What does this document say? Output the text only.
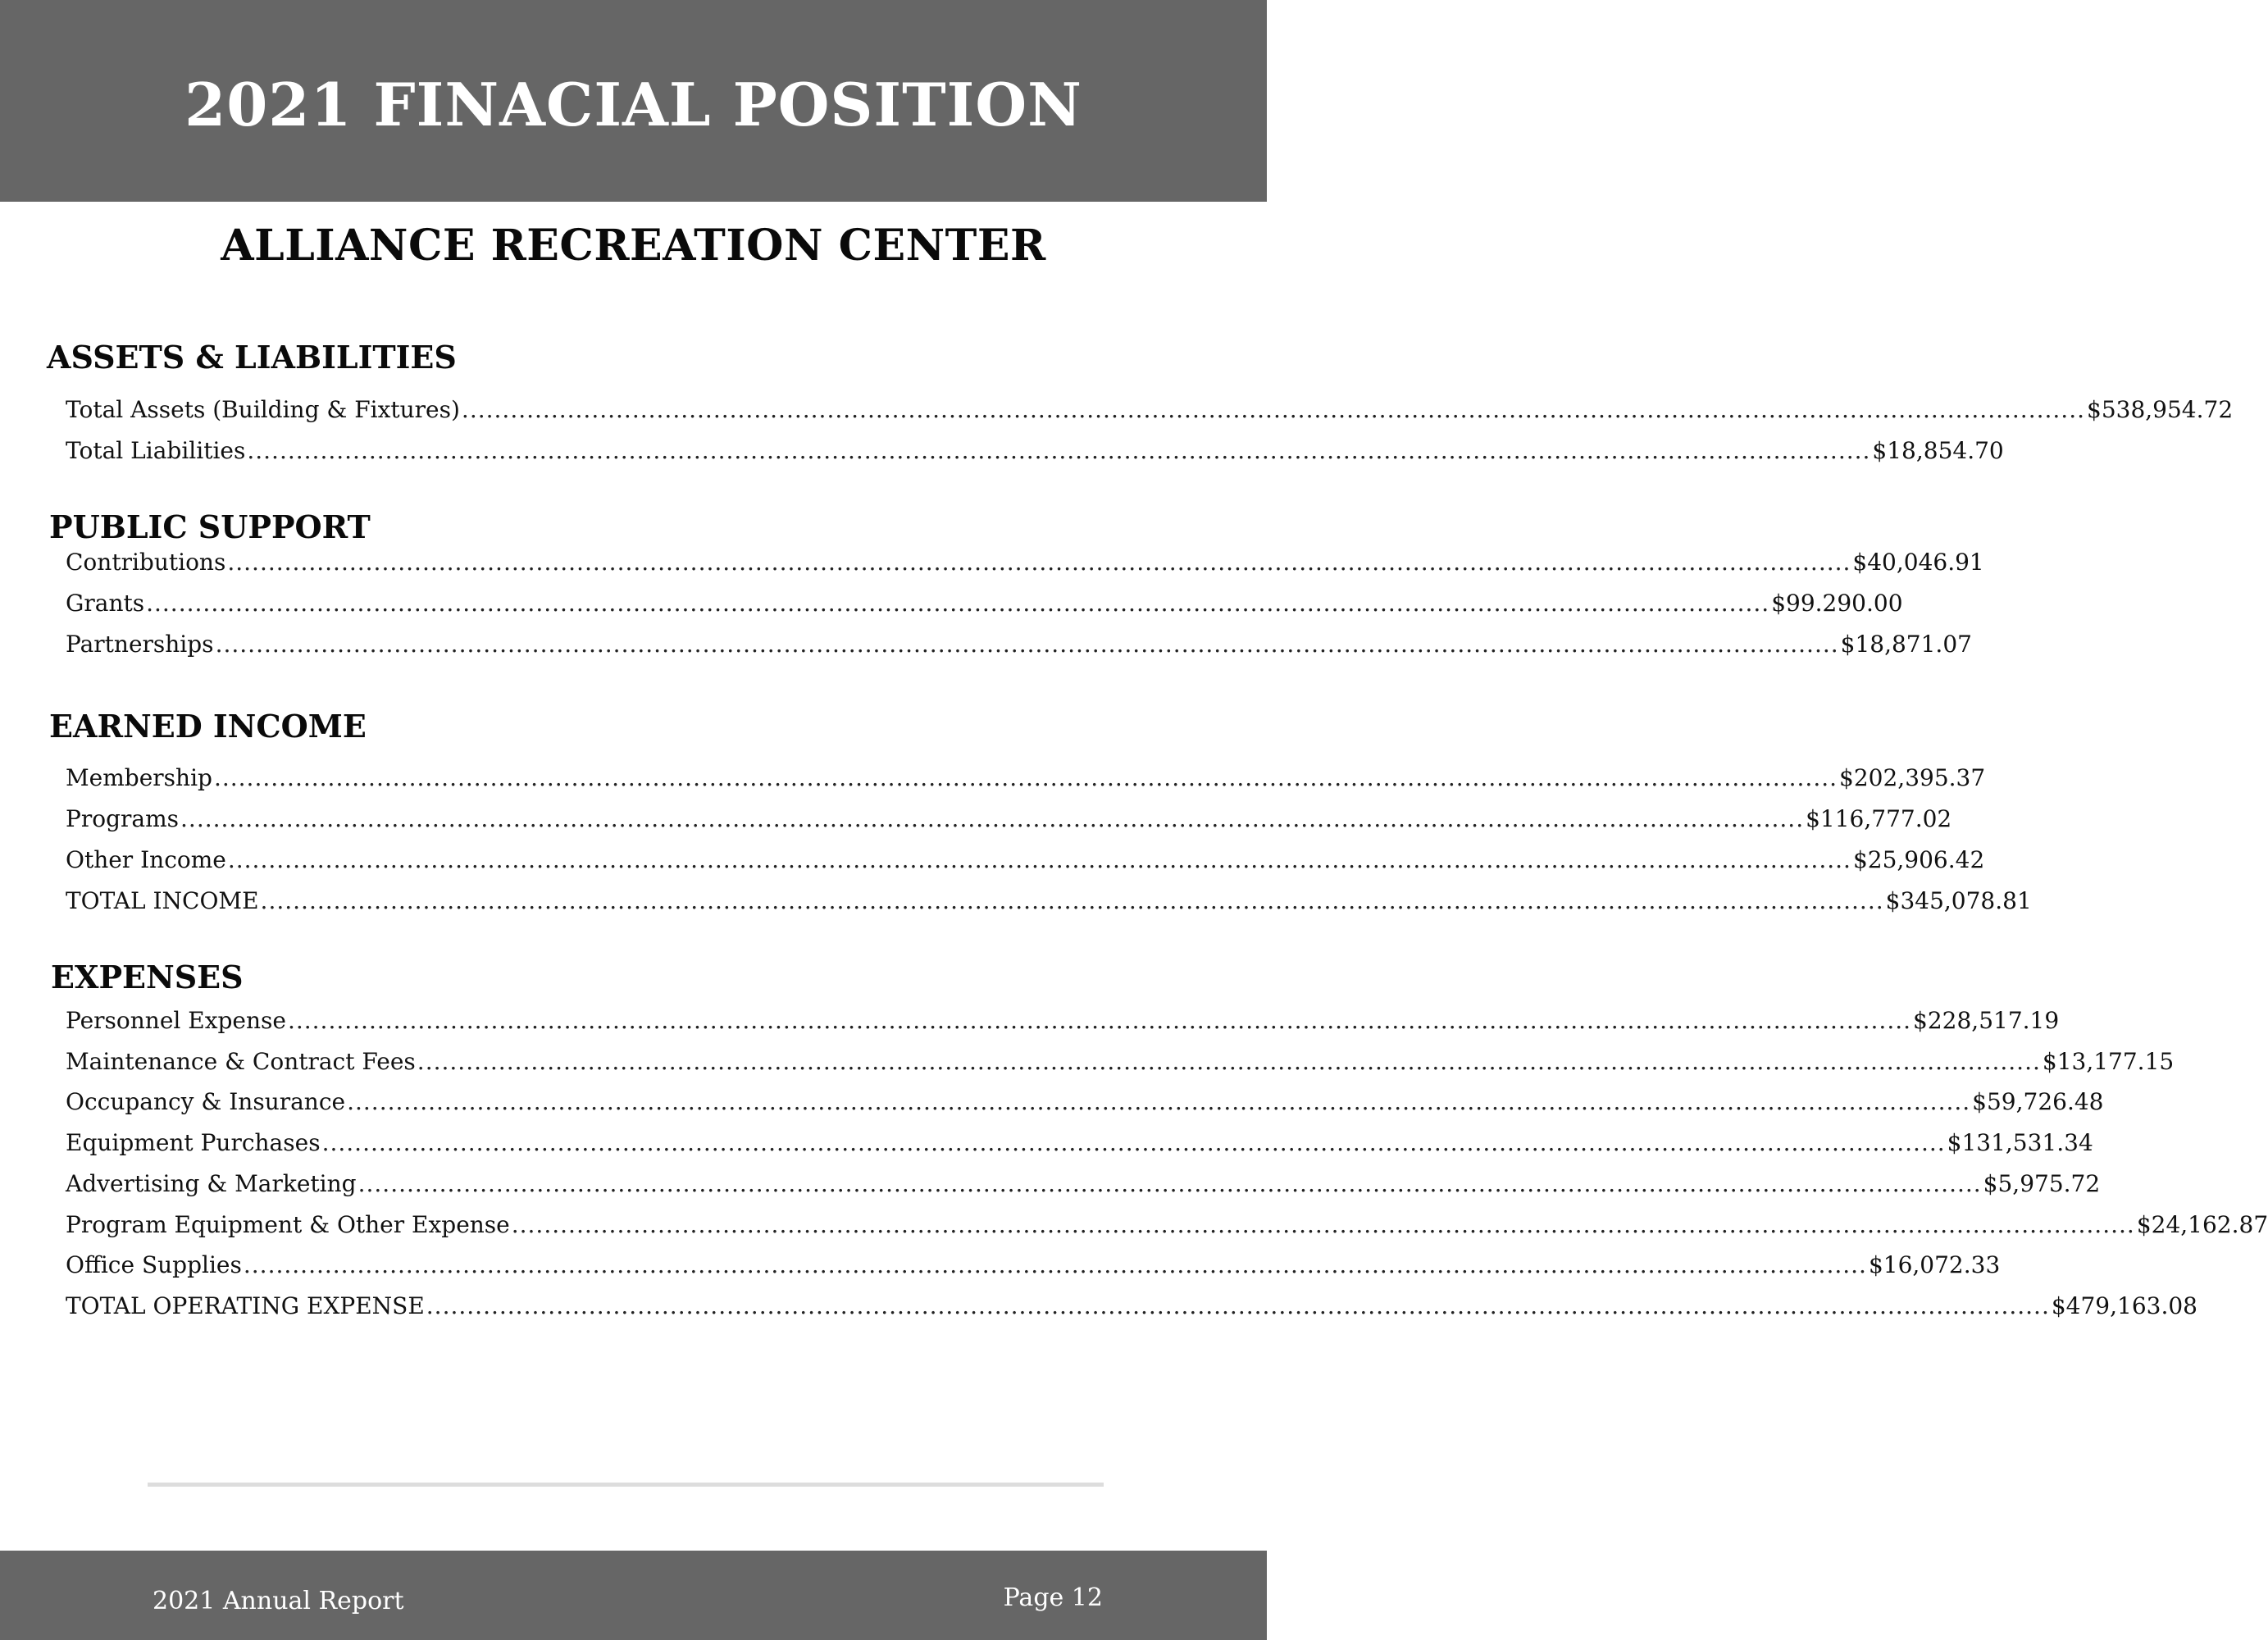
2021 FINACIAL POSITION
ALLIANCE RECREATION CENTER
ASSETS & LIABILITIES
Total Assets (Building & Fixtures) ........................................................................................................................................................................................................ $538,954.72
Total Liabilities ........................................................................................................................................................................................................ $18,854.70
PUBLIC SUPPORT
Contributions ........................................................................................................................................................................................................ $40,046.91
Grants ........................................................................................................................................................................................................ $99.290.00
Partnerships ........................................................................................................................................................................................................ $18,871.07
EARNED INCOME
Membership ........................................................................................................................................................................................................ $202,395.37
Programs ........................................................................................................................................................................................................ $116,777.02
Other Income ........................................................................................................................................................................................................ $25,906.42
TOTAL INCOME ........................................................................................................................................................................................................ $345,078.81
EXPENSES
Personnel Expense ........................................................................................................................................................................................................ $228,517.19
Maintenance & Contract Fees ........................................................................................................................................................................................................ $13,177.15
Occupancy & Insurance ........................................................................................................................................................................................................ $59,726.48
Equipment Purchases ........................................................................................................................................................................................................ $131,531.34
Advertising & Marketing ........................................................................................................................................................................................................ $5,975.72
Program Equipment & Other Expense ........................................................................................................................................................................................................ $24,162.87
Office Supplies ........................................................................................................................................................................................................ $16,072.33
TOTAL OPERATING EXPENSE ........................................................................................................................................................................................................ $479,163.08
2021 Annual Report	Page 12
